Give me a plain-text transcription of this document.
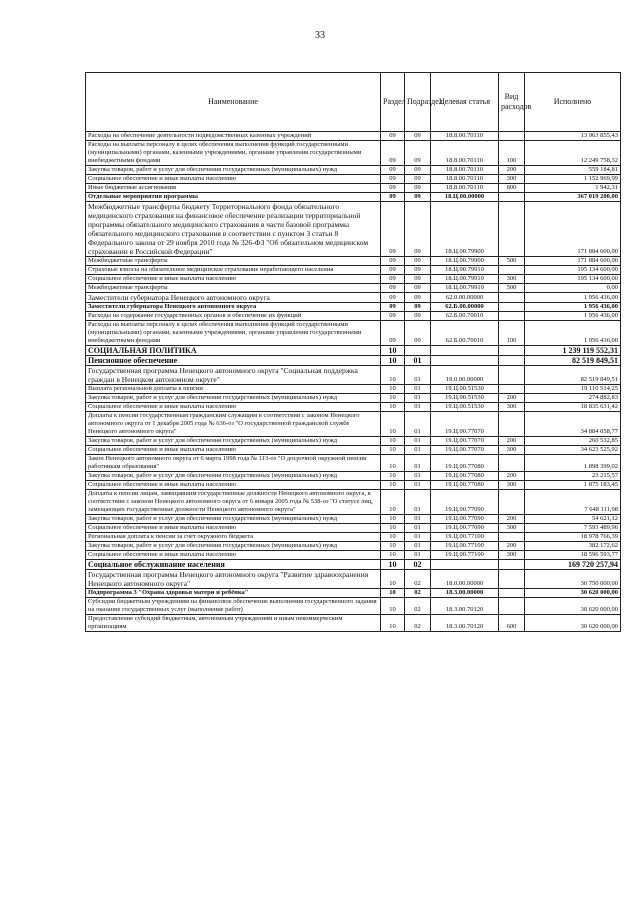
33
Наименование	Раздел	Подраздел	Целевая статья	Вид расходов	Исполнено
Расходы на обеспечение деятельности подведомственных казенных учреждений	09	09	18.8.00.70110		13 963 855,43
Расходы на выплаты персоналу в целях обеспечения выполнения функций государственными (муниципальными) органами, казенными учреждениями, органами управления государственными внебюджетными фондами	09	09	18.8.00.70110	100	12 249 758,32
Закупка товаров, работ и услуг для обеспечения государственных (муниципальных) нужд	09	09	18.8.00.70110	200	559 184,81
Социальное обеспечение и иные выплаты населению	09	09	18.8.00.70110	300	1 152 969,99
Иные бюджетные ассигнования	09	09	18.8.00.70110	800	1 942,31
Отдельные мероприятия программы	09	09	18.Ц.00.00000		367 019 200,00
Межбюджетные трансферты бюджету Территориального фонда обязательного медицинского страхования на финансовое обеспечение реализации территориальной программы обязательного медицинского страхования в части базовой программы обязательного медицинского страхования в соответствии с пунктом 3 статьи 8 Федерального закона от 29 ноября 2010 года № 326-ФЗ "Об обязательном медицинском страховании в Российской Федерации"	09	09	18.Ц.00.79900		171 884 600,00
Межбюджетные трансферты	09	09	18.Ц.00.79900	500	171 884 600,00
Страховые взносы на обязательное медицинское страхование неработающего населения	09	09	18.Ц.00.79910		195 134 600,00
Социальное обеспечение и иные выплаты населению	09	09	18.Ц.00.79910	300	195 134 600,00
Межбюджетные трансферты	09	09	18.Ц.00.79910	500	0,00
Заместители губернатора Ненецкого автономного округа	09	09	62.0.00.00000		1 956 436,00
Заместители губернатора Ненецкого автономного округа	09	09	62.Б.00.00000		1 956 436,00
Расходы на содержание государственных органов и обеспечение их функций	09	09	62.Б.00.70010		1 956 436,00
Расходы на выплаты персоналу в целях обеспечения выполнения функций государственными (муниципальными) органами, казенными учреждениями, органами управления государственными внебюджетными фондами	09	09	62.Б.00.70010	100	1 956 436,00
СОЦИАЛЬНАЯ ПОЛИТИКА	10				1 239 119 552,31
Пенсионное обеспечение	10	01			82 519 849,51
Государственная программа Ненецкого автономного округа "Социальная поддержка граждан в Ненецком автономном округе"	10	01	19.0.00.00000		82 519 849,51
Выплата региональной доплаты к пенсии	10	01	19.Ц.00.51530		19 110 514,25
Закупка товаров, работ и услуг для обеспечения государственных (муниципальных) нужд	10	01	19.Ц.00.51530	200	274 882,83
Социальное обеспечение и иные выплаты населению	10	01	19.Ц.00.51530	300	18 835 631,42
Доплаты к пенсии государственным гражданским служащим в соответствии с законом Ненецкого автономного округа от 1 декабря 2005 года № 636-оз "О государственной гражданской службе Ненецкого автономного округа"	10	01	19.Ц.00.77070		34 884 058,77
Закупка товаров, работ и услуг для обеспечения государственных (муниципальных) нужд	10	01	19.Ц.00.77070	200	260 532,85
Социальное обеспечение и иные выплаты населению	10	01	19.Ц.00.77070	300	34 623 525,92
Закон Ненецкого автономного округа от 6 марта 1998 года № 113-оз "О досрочной окружной пенсии работникам образования"	10	01	19.Ц.00.77080		1 898 399,02
Закупка товаров, работ и услуг для обеспечения государственных (муниципальных) нужд	10	01	19.Ц.00.77080	200	23 215,57
Социальное обеспечение и иные выплаты населению	10	01	19.Ц.00.77080	300	1 875 183,45
Доплаты к пенсии лицам, замещавшим государственные должности Ненецкого автономного округа, в соответствии с законом Ненецкого автономного округа от 6 января 2005 года № 538-оз "О статусе лиц, замещающих государственные должности Ненецкого автономного округа"	10	01	19.Ц.00.77090		7 648 111,08
Закупка товаров, работ и услуг для обеспечения государственных (муниципальных) нужд	10	01	19.Ц.00.77090	200	54 621,12
Социальное обеспечение и иные выплаты населению	10	01	19.Ц.00.77090	300	7 593 489,96
Региональная доплата к пенсии за счёт окружного бюджета	10	01	19.Ц.00.77100		18 978 766,39
Закупка товаров, работ и услуг для обеспечения государственных (муниципальных) нужд	10	01	19.Ц.00.77100	200	382 172,62
Социальное обеспечение и иные выплаты населению	10	01	19.Ц.00.77100	300	18 596 593,77
Социальное обслуживание населения	10	02			169 720 257,94
Государственная программа Ненецкого автономного округа "Развитие здравоохранения Ненецкого автономного округа"	10	02	18.0.00.00000		30 750 000,00
Подпрограмма 3 "Охрана здоровья матери и ребёнка"	10	02	18.3.00.00000		30 620 000,00
Субсидии бюджетным учреждениям на финансовое обеспечение выполнения государственного задания на оказание государственных услуг (выполнение работ)	10	02	18.3.00.70120		30 620 000,00
Предоставление субсидий бюджетным, автономным учреждениям и иным некоммерческим организациям	10	02	18.3.00.70120	600	30 620 000,00
